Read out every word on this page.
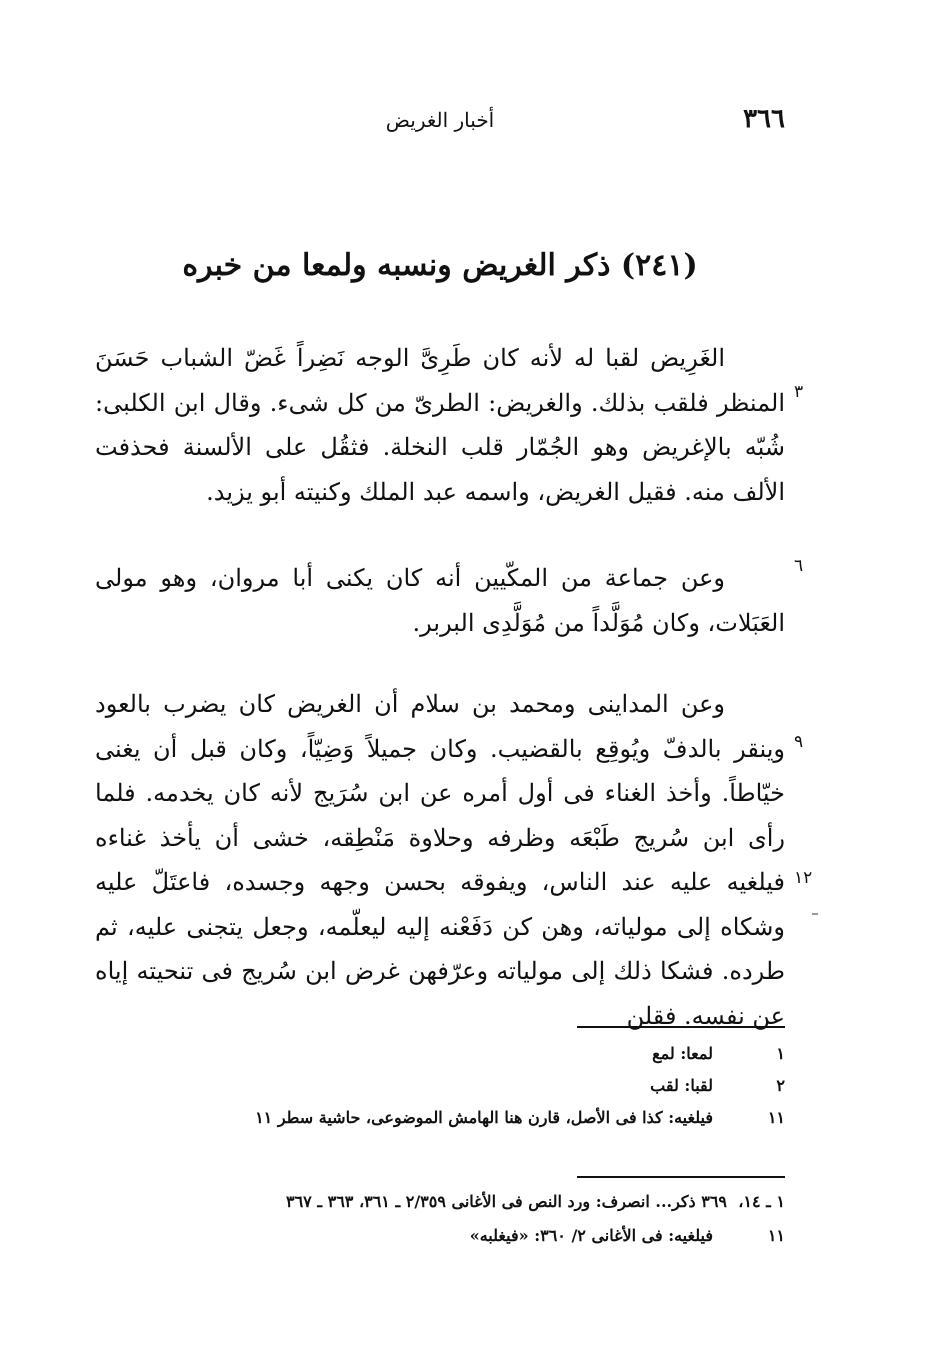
٣٦٦
أخبار الغريض
(٢٤١) ذكر الغريض ونسبه ولمعا من خبره
الغَرِيض لقبا له لأنه كان طَرِىَّ الوجه نَضِراً غَضّ الشباب حَسَنَ المنظر فلقب بذلك. والغريض: الطرىّ من كل شىء. وقال ابن الكلبى: شُبّه بالإغريض وهو الجُمّار قلب النخلة. فثقُل على الألسنة فحذفت الألف منه. فقيل الغريض، واسمه عبد الملك وكنيته أبو يزيد.
وعن جماعة من المكّيين أنه كان يكنى أبا مروان، وهو مولى العَبَلات، وكان مُوَلَّداً من مُوَلَّدِى البربر.
وعن المداينى ومحمد بن سلام أن الغريض كان يضرب بالعود وينقر بالدفّ ويُوقِع بالقضيب. وكان جميلاً وَضِيّاً، وكان قبل أن يغنى خيّاطاً. وأخذ الغناء فى أول أمره عن ابن سُرَيج لأنه كان يخدمه. فلما رأى ابن سُريج طَبْعَه وظرفه وحلاوة مَنْطِقه، خشى أن يأخذ غناءه فيلغيه عليه عند الناس، ويفوقه بحسن وجهه وجسده، فاعتَلّ عليه وشكاه إلى مولياته، وهن كن دَفَعْنه إليه ليعلّمه، وجعل يتجنى عليه، ثم طرده. فشكا ذلك إلى مولياته وعرّفهن غرض ابن سُريج فى تنحيته إياه عن نفسه. فقلن
٣
٦
٩
١٢
١
لمعا: لمع
٢
لقبا: لقب
١١
فيلغيه: كذا فى الأصل، قارن هنا الهامش الموضوعى، حاشية سطر ١١
١ ـ ١٤،
٣٦٩ ذكر... انصرف: ورد النص فى الأغانى ٢/٣٥٩ ـ ٣٦١، ٣٦٣ ـ ٣٦٧
١١
فيلغيه: فى الأغانى ٢/ ٣٦٠: «فيغلبه»
